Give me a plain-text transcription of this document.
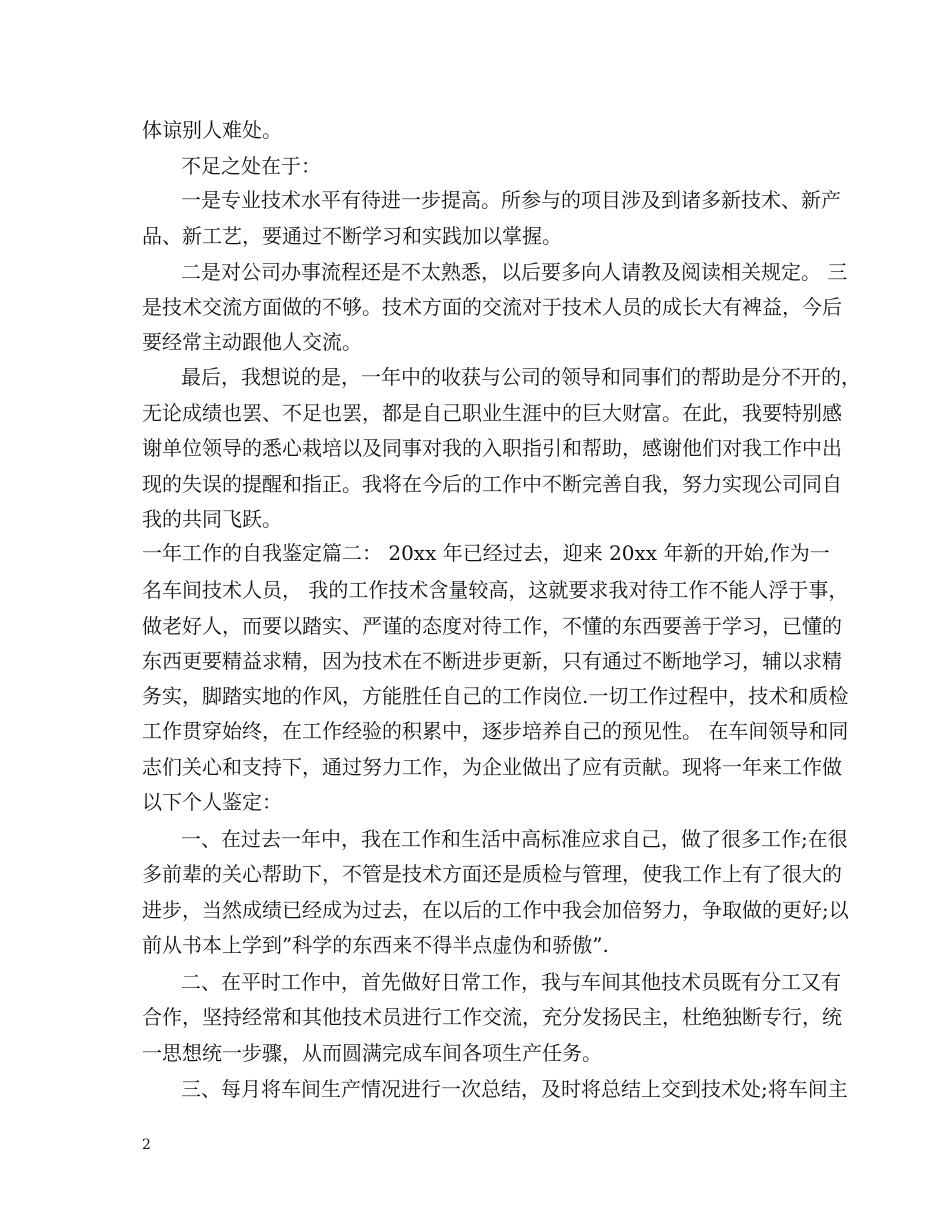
体谅别人难处。
不足之处在于：
一是专业技术水平有待进一步提高。所参与的项目涉及到诸多新技术、新产
品、新工艺，要通过不断学习和实践加以掌握。
二是对公司办事流程还是不太熟悉，以后要多向人请教及阅读相关规定。 三
是技术交流方面做的不够。技术方面的交流对于技术人员的成长大有裨益，今后
要经常主动跟他人交流。
最后，我想说的是，一年中的收获与公司的领导和同事们的帮助是分不开的，
无论成绩也罢、不足也罢，都是自己职业生涯中的巨大财富。在此，我要特别感
谢单位领导的悉心栽培以及同事对我的入职指引和帮助，感谢他们对我工作中出
现的失误的提醒和指正。我将在今后的工作中不断完善自我，努力实现公司同自
我的共同飞跃。
一年工作的自我鉴定篇二： 20xx 年已经过去，迎来 20xx 年新的开始,作为一
名车间技术人员， 我的工作技术含量较高，这就要求我对待工作不能人浮于事，
做老好人，而要以踏实、严谨的态度对待工作，不懂的东西要善于学习，已懂的
东西更要精益求精，因为技术在不断进步更新，只有通过不断地学习，辅以求精
务实，脚踏实地的作风，方能胜任自己的工作岗位.一切工作过程中，技术和质检
工作贯穿始终，在工作经验的积累中，逐步培养自己的预见性。 在车间领导和同
志们关心和支持下，通过努力工作，为企业做出了应有贡献。现将一年来工作做
以下个人鉴定：
一、在过去一年中，我在工作和生活中高标准应求自己，做了很多工作;在很
多前辈的关心帮助下，不管是技术方面还是质检与管理，使我工作上有了很大的
进步，当然成绩已经成为过去，在以后的工作中我会加倍努力，争取做的更好;以
前从书本上学到”科学的东西来不得半点虚伪和骄傲”.
二、在平时工作中，首先做好日常工作，我与车间其他技术员既有分工又有
合作，坚持经常和其他技术员进行工作交流，充分发扬民主，杜绝独断专行，统
一思想统一步骤，从而圆满完成车间各项生产任务。
三、每月将车间生产情况进行一次总结，及时将总结上交到技术处;将车间主
2
